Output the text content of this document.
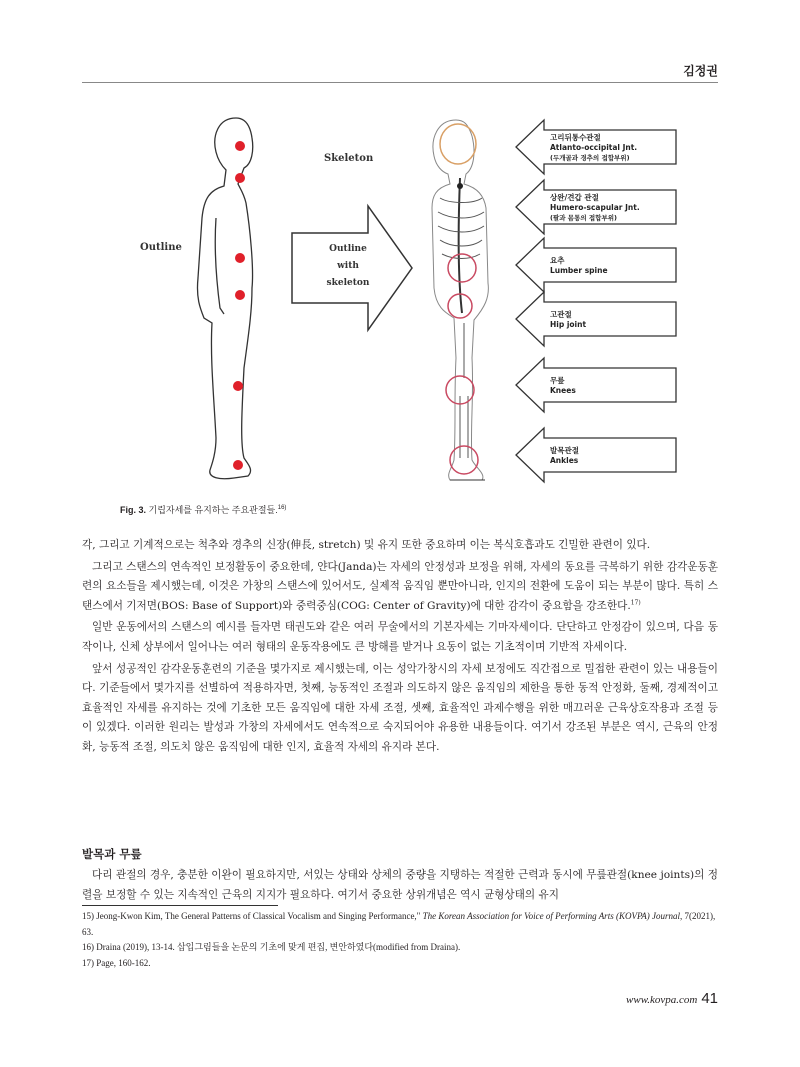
김정권
Outline
Skeleton
Outline
with
skeleton
고리뒤통수관절
Atlanto-occipital Jnt.
(두개골과 경추의 접합부위)
상완/견갑 관절
Humero-scapular Jnt.
(팔과 몸통의 접합부위)
요추
Lumber spine
고관절
Hip joint
무릎
Knees
발목관절
Ankles
Fig. 3. 기립자세를 유지하는 주요관절들.$^{16)}$

각, 그리고 기계적으로는 척추와 경추의 신장(伸長, stretch) 및 유지 또한 중요하며 이는 복식호흡과도 긴밀한 관련이 있다.

그리고 스탠스의 연속적인 보정활동이 중요한데, 얀다(Janda)는 자세의 안정성과 보정을 위해, 자세의 동요를 극복하기 위한 감각운동훈련의 요소들을 제시했는데, 이것은 가창의 스탠스에 있어서도, 실제적 움직임 뿐만아니라, 인지의 전환에 도움이 되는 부분이 많다. 특히 스탠스에서 기저면(BOS: Base of Support)와 중력중심(COG: Center of Gravity)에 대한 감각이 중요함을 강조한다.$^{17)}$

일반 운동에서의 스탠스의 예시를 들자면 태권도와 같은 여러 무술에서의 기본자세는 기마자세이다. 단단하고 안정감이 있으며, 다음 동작이나, 신체 상부에서 일어나는 여러 형태의 운동작용에도 큰 방해를 받거나 요동이 없는 기초적이며 기반적 자세이다.

앞서 성공적인 감각운동훈련의 기준을 몇가지로 제시했는데, 이는 성악가창시의 자세 보정에도 직간접으로 밀접한 관련이 있는 내용들이다. 기준들에서 몇가지를 선별하여 적용하자면, 첫째, 능동적인 조절과 의도하지 않은 움직임의 제한을 통한 동적 안정화, 둘째, 경제적이고 효율적인 자세를 유지하는 것에 기초한 모든 움직임에 대한 자세 조절, 셋째, 효율적인 과제수행을 위한 매끄러운 근육상호작용과 조절 등이 있겠다. 이러한 원리는 발성과 가창의 자세에서도 연속적으로 숙지되어야 유용한 내용들이다. 여기서 강조된 부분은 역시, 근육의 안정화, 능동적 조절, 의도치 않은 움직임에 대한 인지, 효율적 자세의 유지라 본다.

발목과 무릎

다리 관절의 경우, 충분한 이완이 필요하지만, 서있는 상태와 상체의 중량을 지탱하는 적절한 근력과 동시에 무릎관절(knee joints)의 정렬을 보정할 수 있는 지속적인 근육의 지지가 필요하다. 여기서 중요한 상위개념은 역시 균형상태의 유지

15) Jeong-Kwon Kim, The General Patterns of Classical Vocalism and Singing Performance," The Korean Association for Voice of Performing Arts (KOVPA) Journal, 7(2021), 63.
16) Draina (2019), 13-14. 삽입그림들을 논문의 기초에 맞게 편집, 변안하였다(modified from Draina).
17) Page, 160-162.
www.kovpa.com 41
